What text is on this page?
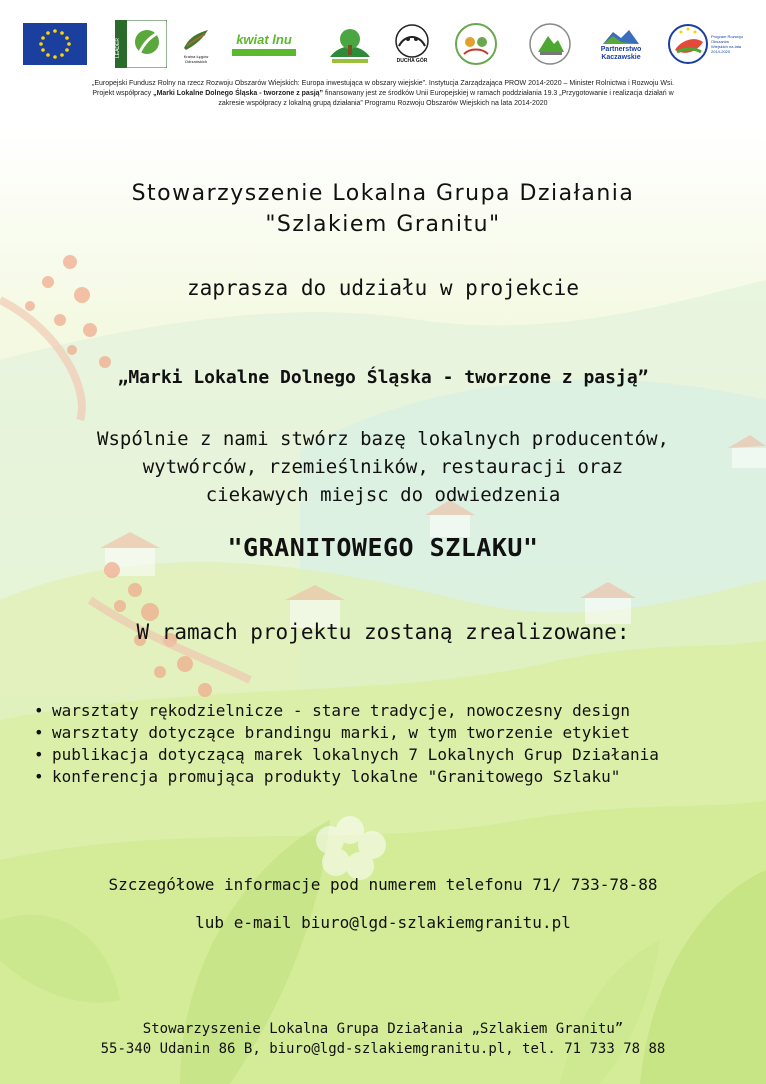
LEADER	Kraina Łęgów Odrzańskich
kwiat lnu
DUCHA GÓR
Partnerstwo Kaczawskie
Program Rozwoju Obszarów Wiejskich na lata 2014-2020
„Europejski Fundusz Rolny na rzecz Rozwoju Obszarów Wiejskich: Europa inwestująca w obszary wiejskie”. Instytucja Zarządzająca PROW 2014-2020 – Minister Rolnictwa i Rozwoju Wsi.
Projekt współpracy „Marki Lokalne Dolnego Śląska - tworzone z pasją” finansowany jest ze środków Unii Europejskiej w ramach poddziałania 19.3 „Przygotowanie i realizacja działań w
zakresie współpracy z lokalną grupą działania” Programu Rozwoju Obszarów Wiejskich na lata 2014-2020
Stowarzyszenie Lokalna Grupa Działania
"Szlakiem Granitu"
zaprasza do udziału w projekcie
„Marki Lokalne Dolnego Śląska - tworzone z pasją”
Wspólnie z nami stwórz bazę lokalnych producentów,
wytwórców, rzemieślników, restauracji oraz
ciekawych miejsc do odwiedzenia
"GRANITOWEGO SZLAKU"
W ramach projektu zostaną zrealizowane:
• warsztaty rękodzielnicze - stare tradycje, nowoczesny design
• warsztaty dotyczące brandingu marki, w tym tworzenie etykiet
• publikacja dotyczącą marek lokalnych 7 Lokalnych Grup Działania
• konferencja promująca produkty lokalne "Granitowego Szlaku"
Szczegółowe informacje pod numerem telefonu 71/ 733-78-88
lub e-mail biuro@lgd-szlakiemgranitu.pl
Stowarzyszenie Lokalna Grupa Działania „Szlakiem Granitu”
55-340 Udanin 86 B, biuro@lgd-szlakiemgranitu.pl, tel. 71 733 78 88
